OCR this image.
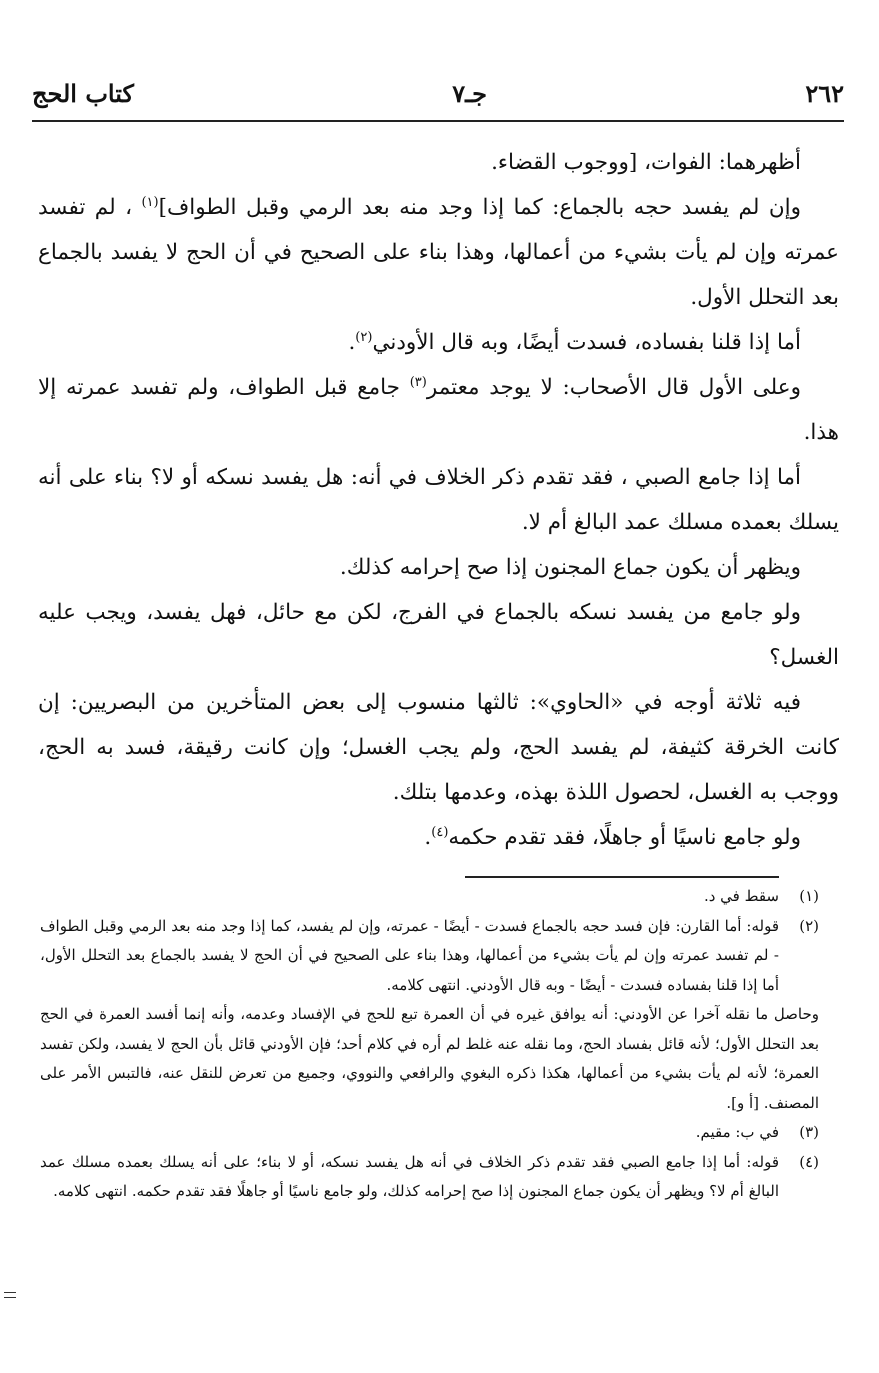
٢٦٢
جـ٧
كتاب الحج

أظهرهما: الفوات، [ووجوب القضاء.

وإن لم يفسد حجه بالجماع: كما إذا وجد منه بعد الرمي وقبل الطواف]$^{(١)}$ ، لم تفسد عمرته وإن لم يأت بشيء من أعمالها، وهذا بناء على الصحيح في أن الحج لا يفسد بالجماع بعد التحلل الأول.

أما إذا قلنا بفساده، فسدت أيضًا، وبه قال الأودني$^{(٢)}$.

وعلى الأول قال الأصحاب: لا يوجد معتمر$^{(٣)}$ جامع قبل الطواف، ولم تفسد عمرته إلا هذا.

أما إذا جامع الصبي ، فقد تقدم ذكر الخلاف في أنه: هل يفسد نسكه أو لا؟ بناء على أنه يسلك بعمده مسلك عمد البالغ أم لا.

ويظهر أن يكون جماع المجنون إذا صح إحرامه كذلك.

ولو جامع من يفسد نسكه بالجماع في الفرج، لكن مع حائل، فهل يفسد، ويجب عليه الغسل؟

فيه ثلاثة أوجه في «الحاوي»: ثالثها منسوب إلى بعض المتأخرين من البصريين: إن كانت الخرقة كثيفة، لم يفسد الحج، ولم يجب الغسل؛ وإن كانت رقيقة، فسد به الحج، ووجب به الغسل، لحصول اللذة بهذه، وعدمها بتلك.

ولو جامع ناسيًا أو جاهلًا، فقد تقدم حكمه$^{(٤)}$.

(١)
سقط في د.
(٢)
قوله: أما القارن: فإن فسد حجه بالجماع فسدت - أيضًا - عمرته، وإن لم يفسد، كما إذا وجد منه بعد الرمي وقبل الطواف - لم تفسد عمرته وإن لم يأت بشيء من أعمالها، وهذا بناء على الصحيح في أن الحج لا يفسد بالجماع بعد التحلل الأول، أما إذا قلنا بفساده فسدت - أيضًا - وبه قال الأودني. انتهى كلامه.
وحاصل ما نقله آخرا عن الأودني: أنه يوافق غيره في أن العمرة تبع للحج في الإفساد وعدمه، وأنه إنما أفسد العمرة في الحج بعد التحلل الأول؛ لأنه قائل بفساد الحج، وما نقله عنه غلط لم أره في كلام أحد؛ فإن الأودني قائل بأن الحج لا يفسد، ولكن تفسد العمرة؛ لأنه لم يأت بشيء من أعمالها، هكذا ذكره البغوي والرافعي والنووي، وجميع من تعرض للنقل عنه، فالتبس الأمر على المصنف. [أ و].
(٣)
في ب: مقيم.
(٤)
قوله: أما إذا جامع الصبي فقد تقدم ذكر الخلاف في أنه هل يفسد نسكه، أو لا بناء؛ على أنه يسلك بعمده مسلك عمد البالغ أم لا؟ ويظهر أن يكون جماع المجنون إذا صح إحرامه كذلك، ولو جامع ناسيًا أو جاهلًا فقد تقدم حكمه. انتهى كلامه.
